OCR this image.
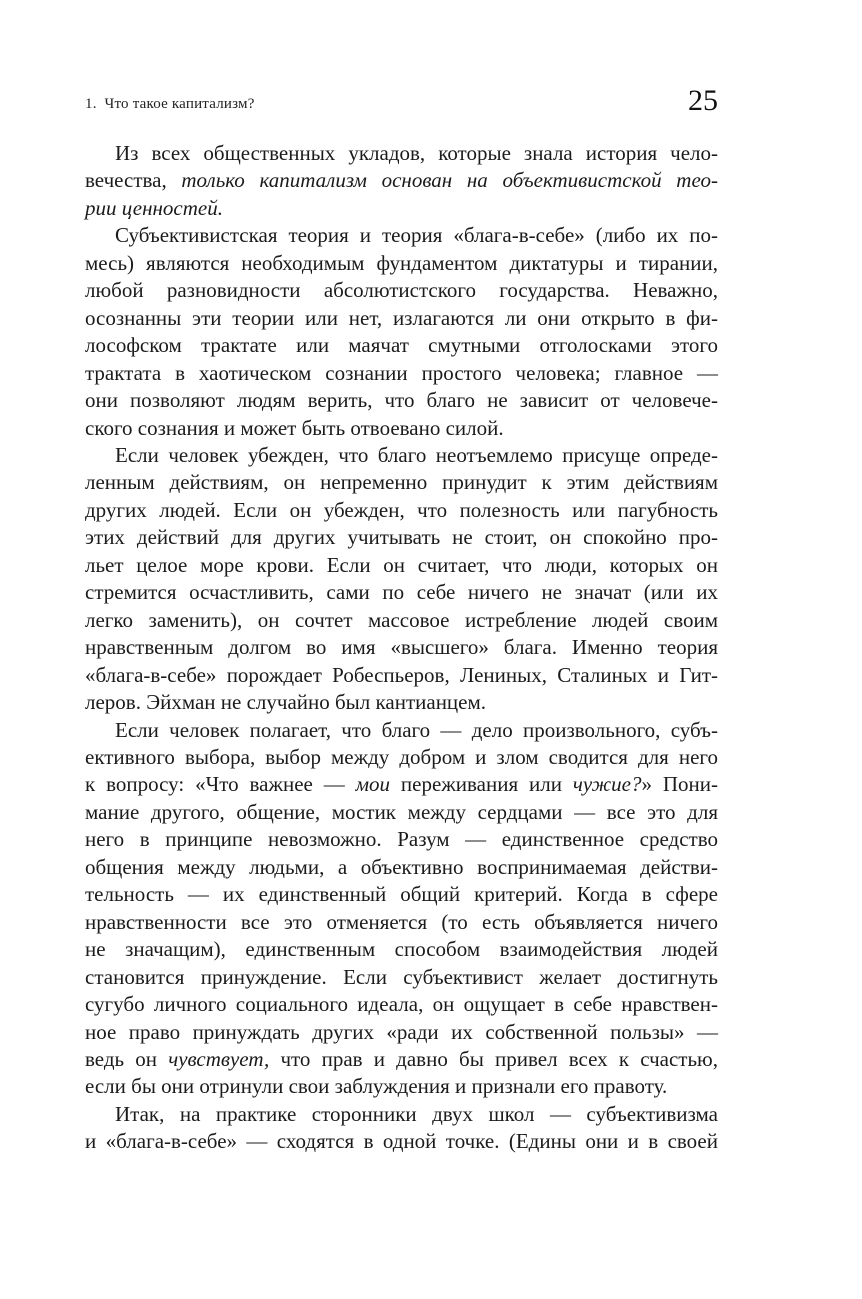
1.  Что такое капитализм?	25
Из всех общественных укладов, которые знала история чело-
вечества, только капитализм основан на объективистской тео-
рии ценностей.
Субъективистская теория и теория «блага-в-себе» (либо их по-
месь) являются необходимым фундаментом диктатуры и тирании,
любой разновидности абсолютистского государства. Неважно,
осознанны эти теории или нет, излагаются ли они открыто в фи-
лософском трактате или маячат смутными отголосками этого
трактата в хаотическом сознании простого человека; главное —
они позволяют людям верить, что благо не зависит от человече-
ского сознания и может быть отвоевано силой.
Если человек убежден, что благо неотъемлемо присуще опреде-
ленным действиям, он непременно принудит к этим действиям
других людей. Если он убежден, что полезность или пагубность
этих действий для других учитывать не стоит, он спокойно про-
льет целое море крови. Если он считает, что люди, которых он
стремится осчастливить, сами по себе ничего не значат (или их
легко заменить), он сочтет массовое истребление людей своим
нравственным долгом во имя «высшего» блага. Именно теория
«блага-в-себе» порождает Робеспьеров, Лениных, Сталиных и Гит-
леров. Эйхман не случайно был кантианцем.
Если человек полагает, что благо — дело произвольного, субъ-
ективного выбора, выбор между добром и злом сводится для него
к вопросу: «Что важнее — мои переживания или чужие?» Пони-
мание другого, общение, мостик между сердцами — все это для
него в принципе невозможно. Разум — единственное средство
общения между людьми, а объективно воспринимаемая действи-
тельность — их единственный общий критерий. Когда в сфере
нравственности все это отменяется (то есть объявляется ничего
не значащим), единственным способом взаимодействия людей
становится принуждение. Если субъективист желает достигнуть
сугубо личного социального идеала, он ощущает в себе нравствен-
ное право принуждать других «ради их собственной пользы» —
ведь он чувствует, что прав и давно бы привел всех к счастью,
если бы они отринули свои заблуждения и признали его правоту.
Итак, на практике сторонники двух школ — субъективизма
и «блага-в-себе» — сходятся в одной точке. (Едины они и в своей
